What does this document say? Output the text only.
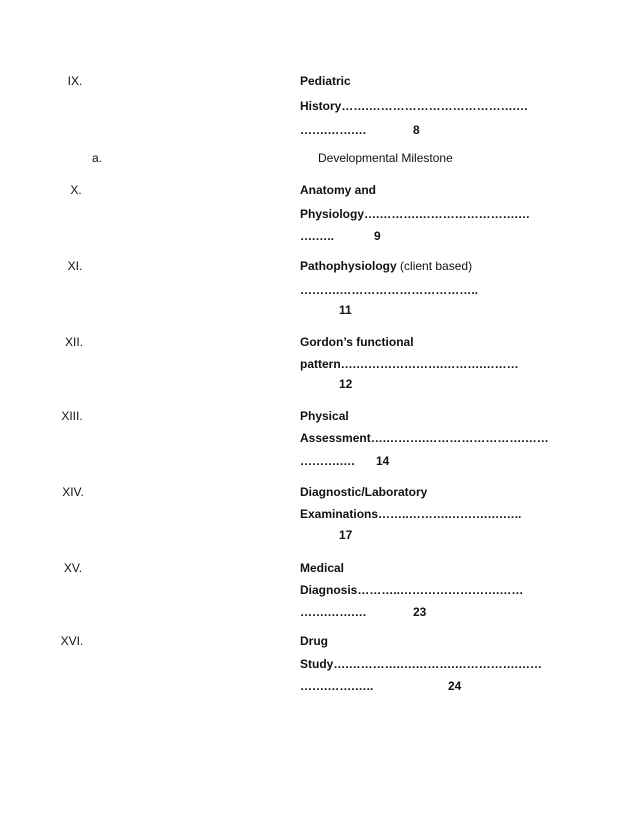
IX.	Pediatric
History…….……………………………….…
…….…….…	8
a.	Developmental Milestone
X.	Anatomy and
Physiology….……….…………………….…
….…..	9
XI.	Pathophysiology (client based)
……….……………………………..
11
XII.	Gordon’s functional
pattern….………………….……….………
12
XIII.	Physical
Assessment….……….…………………….……
……….…. 14
XIV.	Diagnostic/Laboratory
Examinations……..……….……….….…..
17
XV.	Medical
Diagnosis………..…………………….……
…….…….…	23
XVI.	Drug
Study….………….….……….…………….……
…….…….…..	24
